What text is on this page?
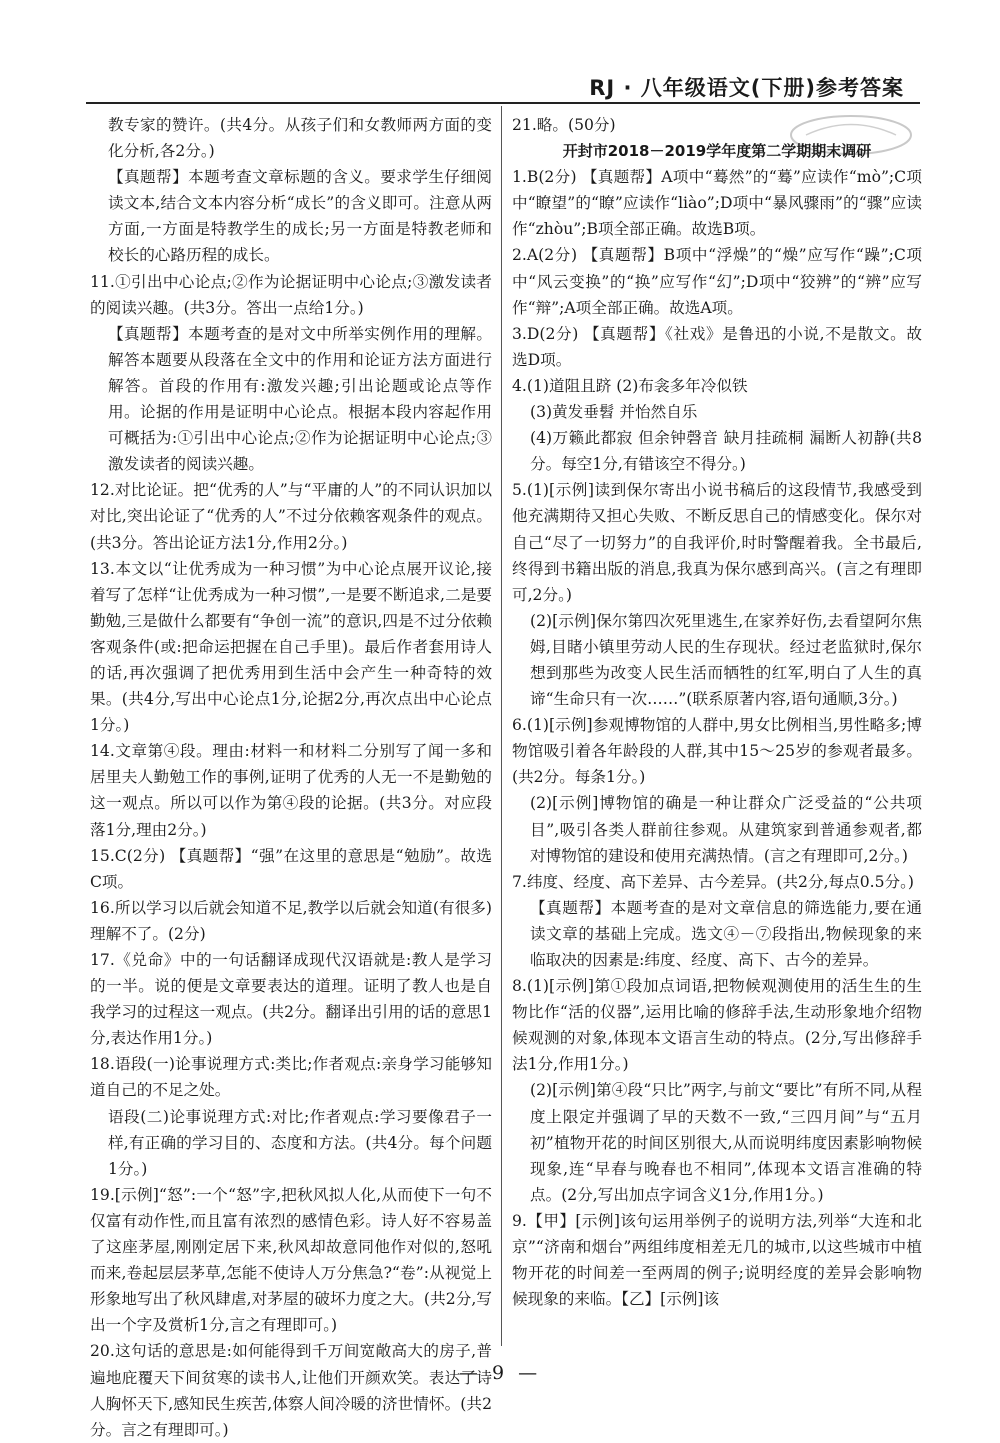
RJ · 八年级语文(下册)参考答案

教专家的赞许。(共4分。从孩子们和女教师两方面的变化分析,各2分。)

【真题帮】本题考查文章标题的含义。要求学生仔细阅读文本,结合文本内容分析“成长”的含义即可。注意从两方面,一方面是特教学生的成长;另一方面是特教老师和校长的心路历程的成长。

11.①引出中心论点;②作为论据证明中心论点;③激发读者的阅读兴趣。(共3分。答出一点给1分。)

【真题帮】本题考查的是对文中所举实例作用的理解。解答本题要从段落在全文中的作用和论证方法方面进行解答。首段的作用有:激发兴趣;引出论题或论点等作用。论据的作用是证明中心论点。根据本段内容起作用可概括为:①引出中心论点;②作为论据证明中心论点;③激发读者的阅读兴趣。

12.对比论证。把“优秀的人”与“平庸的人”的不同认识加以对比,突出论证了“优秀的人”不过分依赖客观条件的观点。(共3分。答出论证方法1分,作用2分。)

13.本文以“让优秀成为一种习惯”为中心论点展开议论,接着写了怎样“让优秀成为一种习惯”,一是要不断追求,二是要勤勉,三是做什么都要有“争创一流”的意识,四是不过分依赖客观条件(或:把命运把握在自己手里)。最后作者套用诗人的话,再次强调了把优秀用到生活中会产生一种奇特的效果。(共4分,写出中心论点1分,论据2分,再次点出中心论点1分。)

14.文章第④段。理由:材料一和材料二分别写了闻一多和居里夫人勤勉工作的事例,证明了优秀的人无一不是勤勉的这一观点。所以可以作为第④段的论据。(共3分。对应段落1分,理由2分。)

15.C(2分) 【真题帮】“强”在这里的意思是“勉励”。故选C项。

16.所以学习以后就会知道不足,教学以后就会知道(有很多)理解不了。(2分)

17.《兑命》中的一句话翻译成现代汉语就是:教人是学习的一半。说的便是文章要表达的道理。证明了教人也是自我学习的过程这一观点。(共2分。翻译出引用的话的意思1分,表达作用1分。)

18.语段(一)论事说理方式:类比;作者观点:亲身学习能够知道自己的不足之处。

语段(二)论事说理方式:对比;作者观点:学习要像君子一样,有正确的学习目的、态度和方法。(共4分。每个问题1分。)

19.[示例]“怒”:一个“怒”字,把秋风拟人化,从而使下一句不仅富有动作性,而且富有浓烈的感情色彩。诗人好不容易盖了这座茅屋,刚刚定居下来,秋风却故意同他作对似的,怒吼而来,卷起层层茅草,怎能不使诗人万分焦急?“卷”:从视觉上形象地写出了秋风肆虐,对茅屋的破坏力度之大。(共2分,写出一个字及赏析1分,言之有理即可。)

20.这句话的意思是:如何能得到千万间宽敞高大的房子,普遍地庇覆天下间贫寒的读书人,让他们开颜欢笑。表达了诗人胸怀天下,感知民生疾苦,体察人间冷暖的济世情怀。(共2分。言之有理即可。)

21.略。(50分)

开封市2018－2019学年度第二学期期末调研

1.B(2分) 【真题帮】A项中“蓦然”的“蓦”应读作“mò”;C项中“瞭望”的“瞭”应读作“liào”;D项中“暴风骤雨”的“骤”应读作“zhòu”;B项全部正确。故选B项。

2.A(2分) 【真题帮】B项中“浮燥”的“燥”应写作“躁”;C项中“风云变换”的“换”应写作“幻”;D项中“狡辨”的“辨”应写作“辩”;A项全部正确。故选A项。

3.D(2分) 【真题帮】《社戏》是鲁迅的小说,不是散文。故选D项。

4.(1)道阻且跻 (2)布衾多年冷似铁

(3)黄发垂髫 并怡然自乐

(4)万籁此都寂 但余钟磬音 缺月挂疏桐 漏断人初静(共8分。每空1分,有错该空不得分。)

5.(1)[示例]读到保尔寄出小说书稿后的这段情节,我感受到他充满期待又担心失败、不断反思自己的情感变化。保尔对自己“尽了一切努力”的自我评价,时时警醒着我。全书最后,终得到书籍出版的消息,我真为保尔感到高兴。(言之有理即可,2分。)

(2)[示例]保尔第四次死里逃生,在家养好伤,去看望阿尔焦姆,目睹小镇里劳动人民的生存现状。经过老监狱时,保尔想到那些为改变人民生活而牺牲的红军,明白了人生的真谛“生命只有一次……”(联系原著内容,语句通顺,3分。)

6.(1)[示例]参观博物馆的人群中,男女比例相当,男性略多;博物馆吸引着各年龄段的人群,其中15～25岁的参观者最多。(共2分。每条1分。)

(2)[示例]博物馆的确是一种让群众广泛受益的“公共项目”,吸引各类人群前往参观。从建筑家到普通参观者,都对博物馆的建设和使用充满热情。(言之有理即可,2分。)

7.纬度、经度、高下差异、古今差异。(共2分,每点0.5分。)

【真题帮】本题考查的是对文章信息的筛选能力,要在通读文章的基础上完成。选文④－⑦段指出,物候现象的来临取决的因素是:纬度、经度、高下、古今的差异。

8.(1)[示例]第①段加点词语,把物候观测使用的活生生的生物比作“活的仪器”,运用比喻的修辞手法,生动形象地介绍物候观测的对象,体现本文语言生动的特点。(2分,写出修辞手法1分,作用1分。)

(2)[示例]第④段“只比”两字,与前文“要比”有所不同,从程度上限定并强调了早的天数不一致,“三四月间”与“五月初”植物开花的时间区别很大,从而说明纬度因素影响物候现象,连“早春与晚春也不相同”,体现本文语言准确的特点。(2分,写出加点字词含义1分,作用1分。)

9.【甲】[示例]该句运用举例子的说明方法,列举“大连和北京”“济南和烟台”两组纬度相差无几的城市,以这些城市中植物开花的时间差一至两周的例子;说明经度的差异会影响物候现象的来临。【乙】[示例]该

— 9 —
